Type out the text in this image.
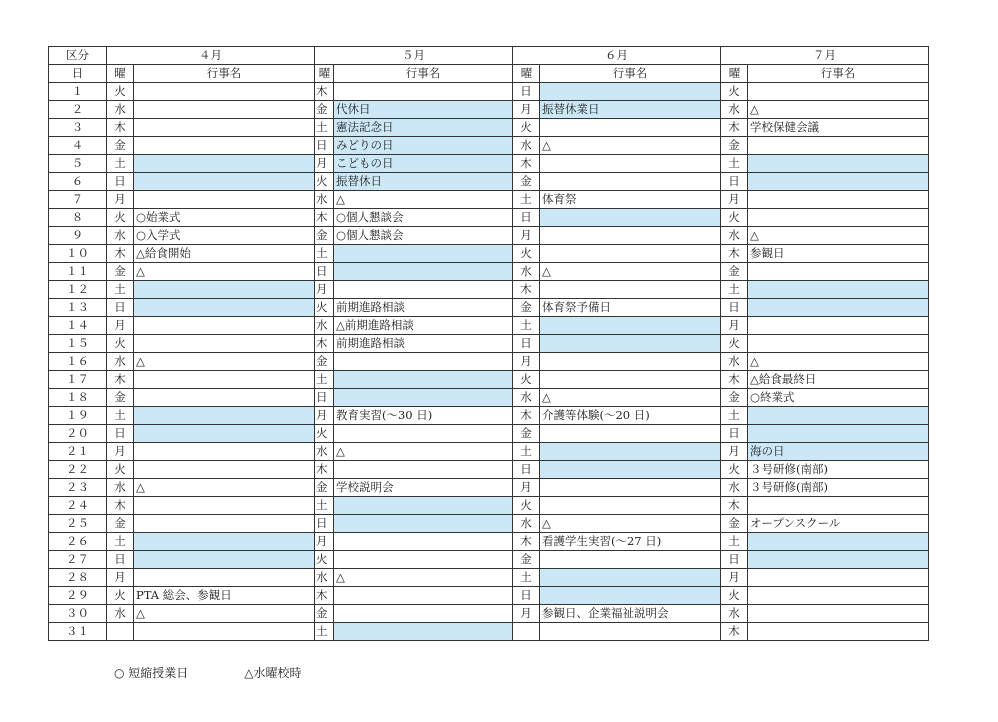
区分	４月		５月		６月		７月	
日	曜	行事名	曜	行事名	曜	行事名	曜	行事名
１	火		木		日		火	
２	水		金	代休日	月	振替休業日	水	△
３	木		土	憲法記念日	火		木	学校保健会議
４	金		日	みどりの日	水	△	金	
５	土		月	こどもの日	木		土	
６	日		火	振替休日	金		日	
７	月		水	△	土	体育祭	月	
８	火	○始業式	木	○個人懇談会	日		火	
９	水	○入学式	金	○個人懇談会	月		水	△
１０	木	△給食開始	土		火		木	参観日
１１	金	△	日		水	△	金	
１２	土		月		木		土	
１３	日		火	前期進路相談	金	体育祭予備日	日	
１４	月		水	△前期進路相談	土		月	
１５	火		木	前期進路相談	日		火	
１６	水	△	金		月		水	△
１７	木		土		火		木	△給食最終日
１８	金		日		水	△	金	○終業式
１９	土		月	教育実習(～30 日)	木	介護等体験(～20 日)	土	
２０	日		火		金		日	
２１	月		水	△	土		月	海の日
２２	火		木		日		火	３号研修(南部)
２３	水	△	金	学校説明会	月		水	３号研修(南部)
２４	木		土		火		木	
２５	金		日		水	△	金	オープンスクール
２６	土		月		木	看護学生実習(～27 日)	土	
２７	日		火		金		日	
２８	月		水	△	土		月	
２９	火	PTA 総会、参観日	木		日		火	
３０	水	△	金		月	参観日、企業福祉説明会	水	
３１			土				木	
○ 短縮授業日	△水曜校時
